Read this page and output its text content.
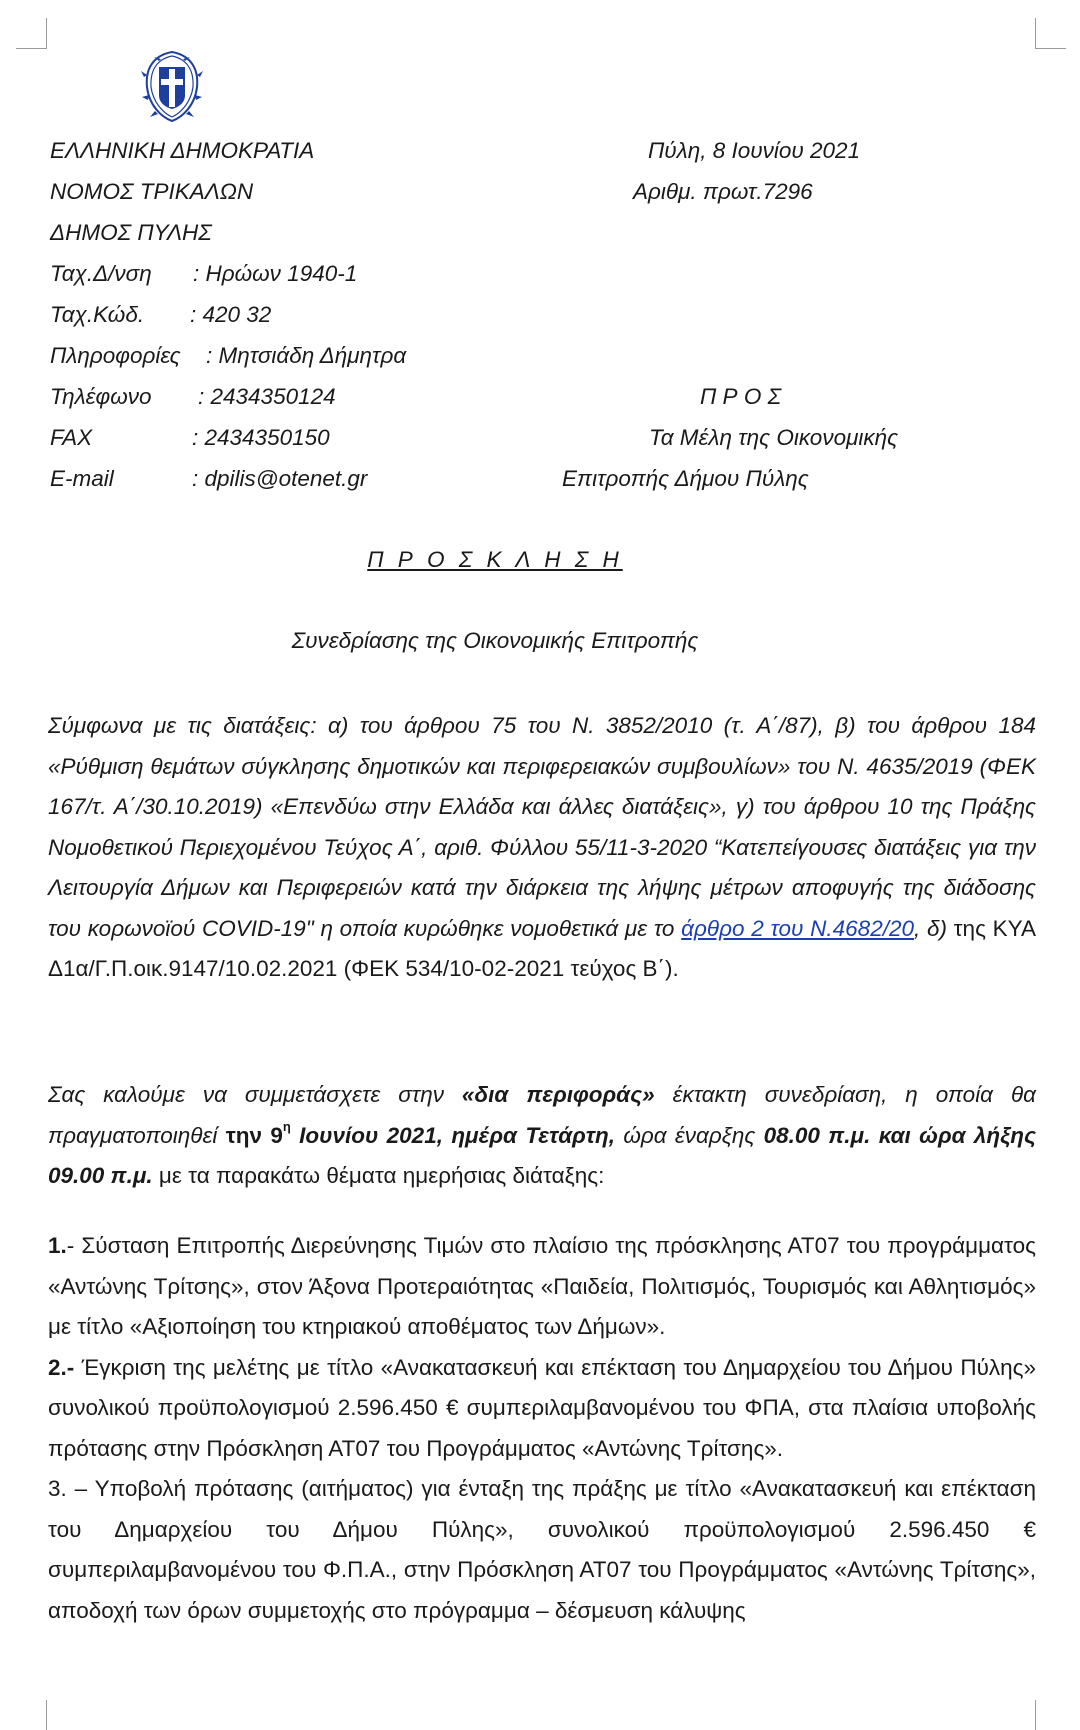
ΕΛΛΗΝΙΚΗ ΔΗΜΟΚΡΑΤΙΑ
ΝΟΜΟΣ ΤΡΙΚΑΛΩΝ
ΔΗΜΟΣ ΠΥΛΗΣ
Ταχ.Δ/νση : Ηρώων 1940-1
Ταχ.Κώδ. : 420 32
Πληροφορίες : Μητσιάδη Δήμητρα
Τηλέφωνο : 2434350124
FAX	: 2434350150
E-mail	: dpilis@otenet.gr
Πύλη, 8 Ιουνίου 2021
Αριθμ. πρωτ.7296
Π Ρ Ο Σ
Τα Μέλη της Οικονομικής
Επιτροπής Δήμου Πύλης
Π Ρ Ο Σ Κ Λ Η Σ Η
Συνεδρίασης της Οικονομικής Επιτροπής

Σύμφωνα με τις διατάξεις: α) του άρθρου 75 του Ν. 3852/2010 (τ. Α΄/87), β) του άρθρου 184 «Ρύθμιση θεμάτων σύγκλησης δημοτικών και περιφερειακών συμβουλίων» του Ν. 4635/2019 (ΦΕΚ 167/τ. Α΄/30.10.2019) «Επενδύω στην Ελλάδα και άλλες διατάξεις», γ) του άρθρου 10 της Πράξης Νομοθετικού Περιεχομένου Τεύχος Α΄, αριθ. Φύλλου 55/11-3-2020 “Κατεπείγουσες διατάξεις για την Λειτουργία Δήμων και Περιφερειών κατά την διάρκεια της λήψης μέτρων αποφυγής της διάδοσης του κορωνοϊού COVID-19" η οποία κυρώθηκε νομοθετικά με το άρθρο 2 του Ν.4682/20, δ) της ΚΥΑ Δ1α/Γ.Π.οικ.9147/10.02.2021 (ΦΕΚ 534/10-02-2021 τεύχος Β΄).

Σας καλούμε να συμμετάσχετε στην «δια περιφοράς» έκτακτη συνεδρίαση, η οποία θα πραγματοποιηθεί την $9^\eta$ Ιουνίου 2021, ημέρα Τετάρτη, ώρα έναρξης 08.00 π.μ. και ώρα λήξης 09.00 π.μ. με τα παρακάτω θέματα ημερήσιας διάταξης:

1.- Σύσταση Επιτροπής Διερεύνησης Τιμών στο πλαίσιο της πρόσκλησης ΑΤ07 του προγράμματος «Αντώνης Τρίτσης», στον Άξονα Προτεραιότητας «Παιδεία, Πολιτισμός, Τουρισμός και Αθλητισμός» με τίτλο «Αξιοποίηση του κτηριακού αποθέματος των Δήμων».

2.- Έγκριση της μελέτης με τίτλο «Ανακατασκευή και επέκταση του Δημαρχείου του Δήμου Πύλης» συνολικού προϋπολογισμού 2.596.450 € συμπεριλαμβανομένου του ΦΠΑ, στα πλαίσια υποβολής πρότασης στην Πρόσκληση ΑΤ07 του Προγράμματος «Αντώνης Τρίτσης».

3. – Υποβολή πρότασης (αιτήματος) για ένταξη της πράξης με τίτλο «Ανακατασκευή και επέκταση του Δημαρχείου του Δήμου Πύλης», συνολικού προϋπολογισμού 2.596.450 € συμπεριλαμβανομένου του Φ.Π.Α., στην Πρόσκληση ΑΤ07 του Προγράμματος «Αντώνης Τρίτσης», αποδοχή των όρων συμμετοχής στο πρόγραμμα – δέσμευση κάλυψης
